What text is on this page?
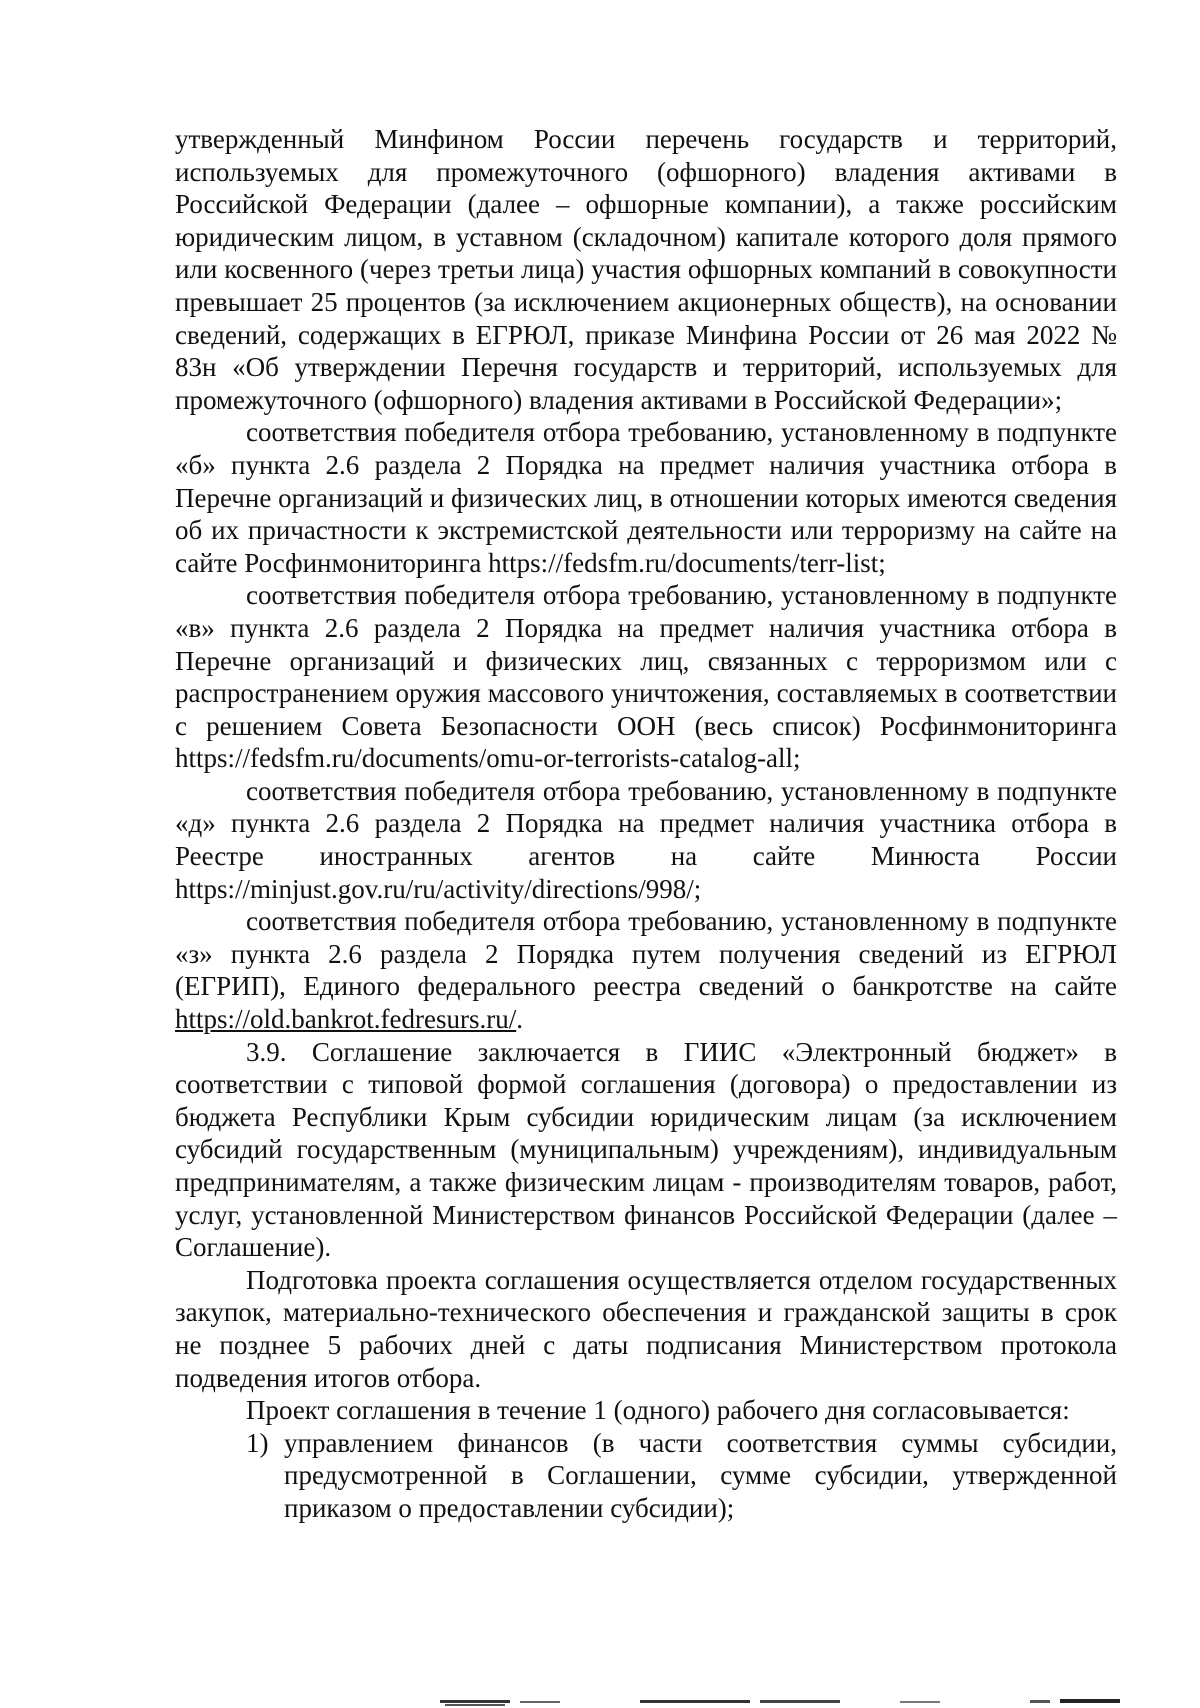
утвержденный Минфином России перечень государств и территорий, используемых для промежуточного (офшорного) владения активами в Российской Федерации (далее – офшорные компании), а также российским юридическим лицом, в уставном (складочном) капитале которого доля прямого или косвенного (через третьи лица) участия офшорных компаний в совокупности превышает 25 процентов (за исключением акционерных обществ), на основании сведений, содержащих в ЕГРЮЛ, приказе Минфина России от 26 мая 2022 № 83н «Об утверждении Перечня государств и территорий, используемых для промежуточного (офшорного) владения активами в Российской Федерации»;

соответствия победителя отбора требованию, установленному в подпункте «б» пункта 2.6 раздела 2 Порядка на предмет наличия участника отбора в Перечне организаций и физических лиц, в отношении которых имеются сведения об их причастности к экстремистской деятельности или терроризму на сайте на сайте Росфинмониторинга https://fedsfm.ru/documents/terr-list;

соответствия победителя отбора требованию, установленному в подпункте «в» пункта 2.6 раздела 2 Порядка на предмет наличия участника отбора в Перечне организаций и физических лиц, связанных с терроризмом или с распространением оружия массового уничтожения, составляемых в соответствии с решением Совета Безопасности ООН (весь список) Росфинмониторинга https://fedsfm.ru/documents/omu-or-terrorists-catalog-all;

соответствия победителя отбора требованию, установленному в подпункте «д» пункта 2.6 раздела 2 Порядка на предмет наличия участника отбора в Реестре иностранных агентов на сайте Минюста России https://minjust.gov.ru/ru/activity/directions/998/;

соответствия победителя отбора требованию, установленному в подпункте «з» пункта 2.6 раздела 2 Порядка путем получения сведений из ЕГРЮЛ (ЕГРИП), Единого федерального реестра сведений о банкротстве на сайте https://old.bankrot.fedresurs.ru/.

3.9. Соглашение заключается в ГИИС «Электронный бюджет» в соответствии с типовой формой соглашения (договора) о предоставлении из бюджета Республики Крым субсидии юридическим лицам (за исключением субсидий государственным (муниципальным) учреждениям), индивидуальным предпринимателям, а также физическим лицам - производителям товаров, работ, услуг, установленной Министерством финансов Российской Федерации (далее – Соглашение).

Подготовка проекта соглашения осуществляется отделом государственных закупок, материально-технического обеспечения и гражданской защиты в срок не позднее 5 рабочих дней с даты подписания Министерством протокола подведения итогов отбора.

Проект соглашения в течение 1 (одного) рабочего дня согласовывается:

1) управлением финансов (в части соответствия суммы субсидии, предусмотренной в Соглашении, сумме субсидии, утвержденной приказом о предоставлении субсидии);
